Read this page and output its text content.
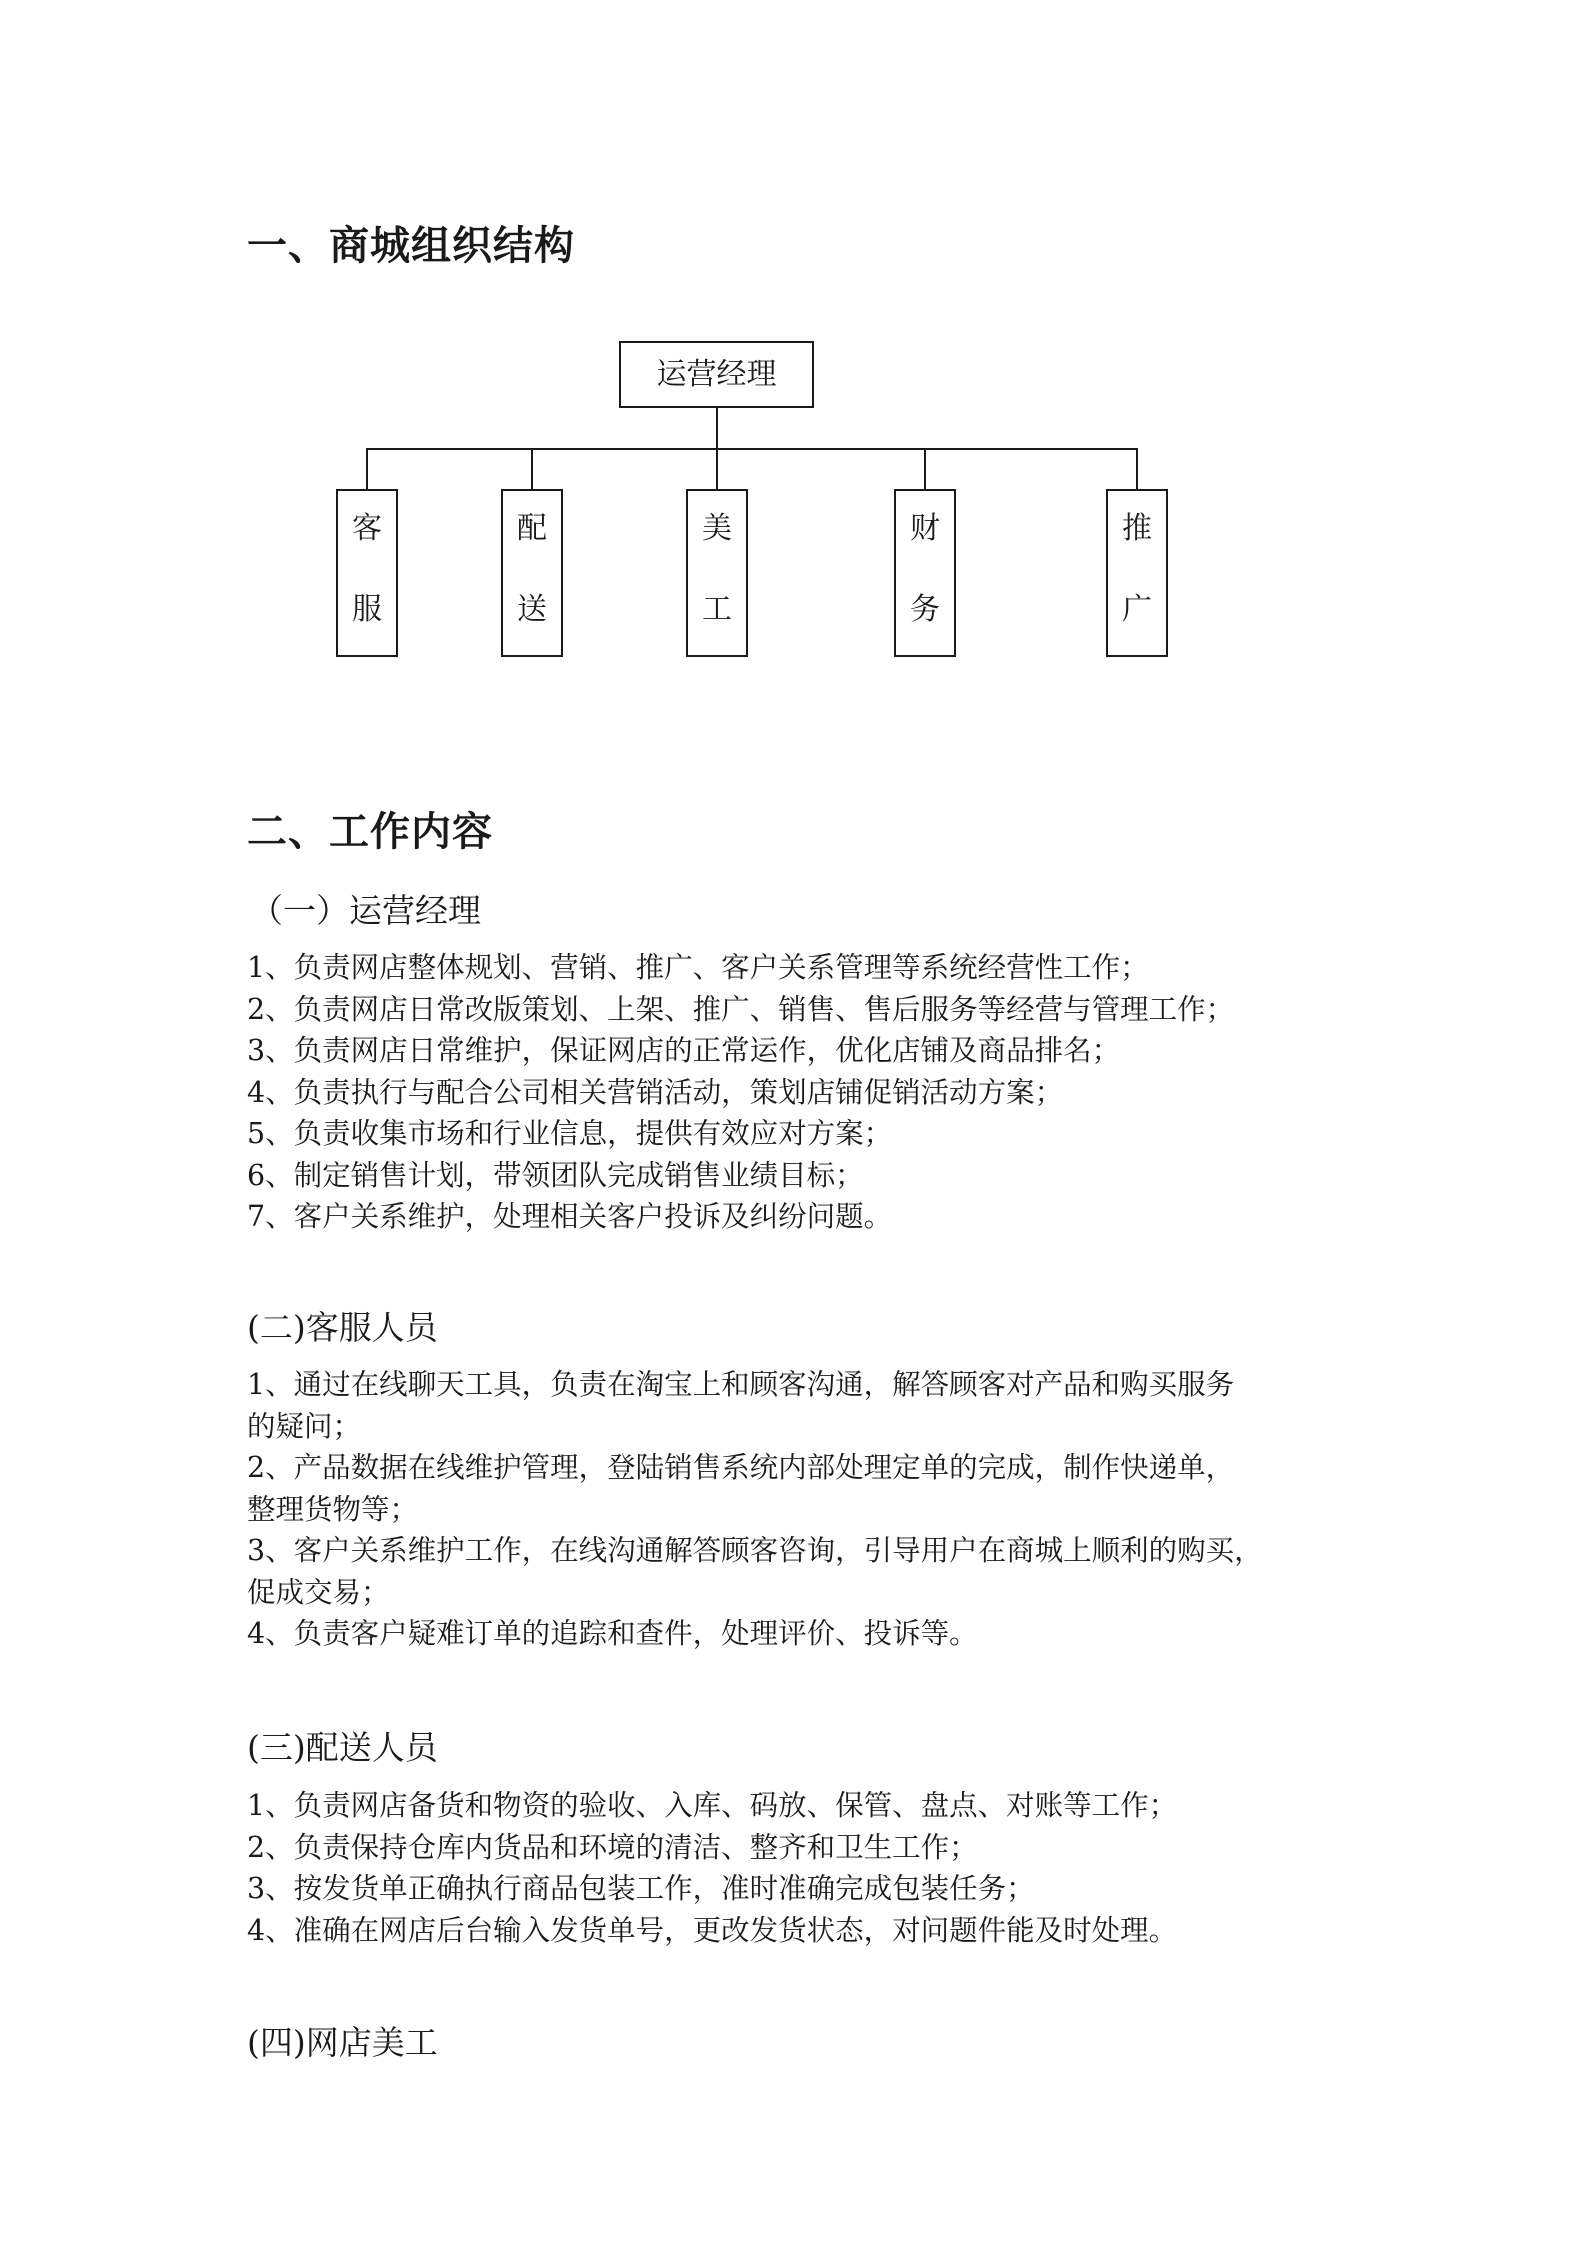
一、商城组织结构
运营经理
客
服
配
送
美
工
财
务
推
广
二、工作内容
（一）运营经理
1、负责网店整体规划、营销、推广、客户关系管理等系统经营性工作；
2、负责网店日常改版策划、上架、推广、销售、售后服务等经营与管理工作；
3、负责网店日常维护，保证网店的正常运作，优化店铺及商品排名；
4、负责执行与配合公司相关营销活动，策划店铺促销活动方案；
5、负责收集市场和行业信息，提供有效应对方案；
6、制定销售计划，带领团队完成销售业绩目标；
7、客户关系维护，处理相关客户投诉及纠纷问题。
(二)客服人员
1、通过在线聊天工具，负责在淘宝上和顾客沟通，解答顾客对产品和购买服务
的疑问；
2、产品数据在线维护管理，登陆销售系统内部处理定单的完成，制作快递单，
整理货物等；
3、客户关系维护工作，在线沟通解答顾客咨询，引导用户在商城上顺利的购买，
促成交易；
4、负责客户疑难订单的追踪和查件，处理评价、投诉等。
(三)配送人员
1、负责网店备货和物资的验收、入库、码放、保管、盘点、对账等工作；
2、负责保持仓库内货品和环境的清洁、整齐和卫生工作；
3、按发货单正确执行商品包装工作，准时准确完成包装任务；
4、准确在网店后台输入发货单号，更改发货状态，对问题件能及时处理。
(四)网店美工
